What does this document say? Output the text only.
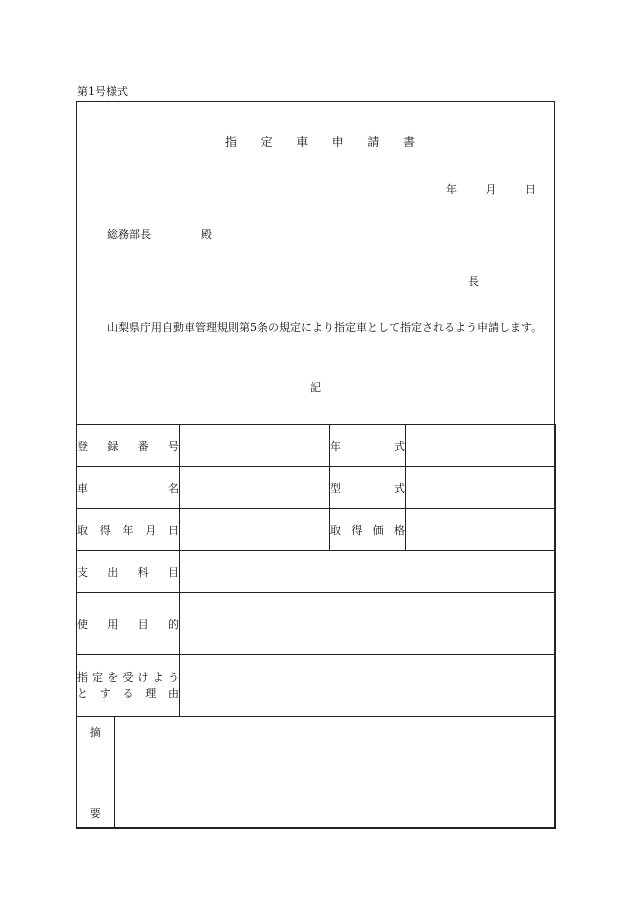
第1号様式
指 定 車 申 請 書
年	月	日
総務部長	殿
長

山梨県庁用自動車管理規則第5条の規定により指定車として指定されるよう申請します。

記
登 録 番 号		年	式

車	名		型	式

取 得 年 月 日		取 得 価 格

支 出 科 目

使 用 目 的

指 定 を 受 け よ う
と す る 理 由

摘
要
